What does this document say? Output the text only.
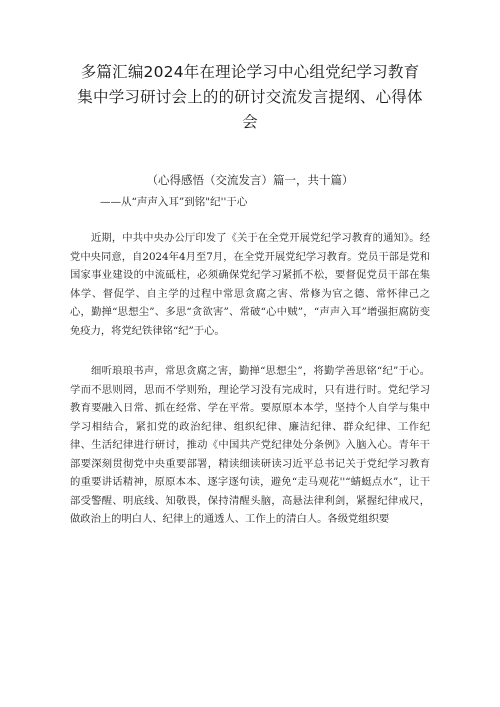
多篇汇编2024年在理论学习中心组党纪学习教育
集中学习研讨会上的的研讨交流发言提纲、心得体
会

（心得感悟（交流发言）篇一，共十篇）

——从“声声入耳”到铭"纪''于心

近期，中共中央办公厅印发了《关于在全党开展党纪学习教育的通知》。经党中央同意，自2024年4月至7月，在全党开展党纪学习教育。党员干部是党和国家事业建设的中流砥柱，必须确保党纪学习紧抓不松，要督促党员干部在集体学、督促学、自主学的过程中常思贪腐之害、常修为官之德、常怀律己之心，勤掸“思想尘”、多思“贪欲害”、常破“心中贼”，“声声入耳”增强拒腐防变免疫力，将党纪铁律铭“纪”于心。

细听琅琅书声，常思贪腐之害，勤掸“思想尘”，将勤学善思铭“纪”于心。学而不思则罔，思而不学则殆，理论学习没有完成时，只有进行时。党纪学习教育要融入日常、抓在经常、学在平常。要原原本本学，坚持个人自学与集中学习相结合，紧扣党的政治纪律、组织纪律、廉洁纪律、群众纪律、工作纪律、生活纪律进行研讨，推动《中国共产党纪律处分条例》入脑入心。青年干部要深刻贯彻党中央重要部署，精读细读研读习近平总书记关于党纪学习教育的重要讲话精神，原原本本、逐字逐句读，避免“走马观花''“蜻蜓点水”，让干部受警醒、明底线、知敬畏，保持清醒头脑，高悬法律利剑，紧握纪律戒尺，做政治上的明白人、纪律上的通透人、工作上的清白人。各级党组织要
